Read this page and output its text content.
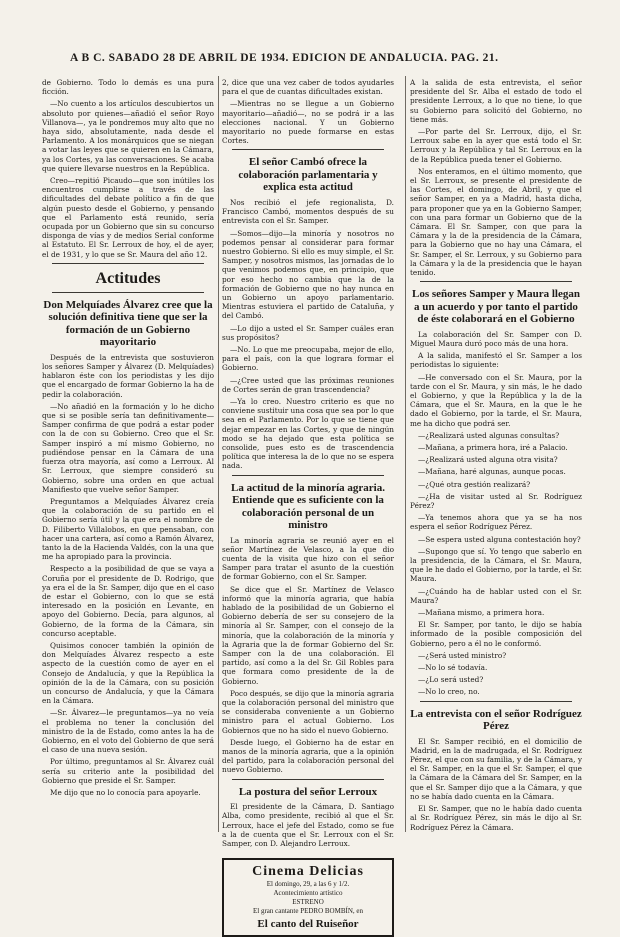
A B C. SABADO 28 DE ABRIL DE 1934. EDICION DE ANDALUCIA. PAG. 21.

de Gobierno. Todo lo demás es una pura ficción.

—No cuento a los artículos descubiertos un absoluto por quienes—añadió el señor Royo Villanova—, ya le pondremos muy alto que no haya sido, absolutamente, nada desde el Parlamento. A los monárquicos que se niegan a votar las leyes que se quieren en la Cámara, ya los Cortes, ya las conversaciones. Se acaba que quiere llevarse nuestros en la República.

Creo—repitió Picaudo—que son inútiles los encuentros cumplirse a través de las dificultades del debate político a fin de que algún puesto desde el Gobierno, y pensando que el Parlamento está reunido, sería ocupada por un Gobierno que sin su concurso disponga de vías y de medios Serial conforme al Estatuto. El Sr. Lerroux de hoy, el de ayer, el de 1931, y lo que se Sr. Maura del año 12.

Actitudes
Don Melquíades Álvarez cree que la solución definitiva tiene que ser la formación de un Gobierno mayoritario

Después de la entrevista que sostuvieron los señores Samper y Álvarez (D. Melquíades) hablaron éste con los periodistas y les dijo que el encargado de formar Gobierno la ha de pedir la colaboración.

—No añadió en la formación y lo he dicho que si se posible sería tan definitivamente—Samper confirma de que podrá a estar poder con la de con su Gobierno. Creo que el Sr. Samper inspiró a mí mismo Gobierno, no pudiéndose pensar en la Cámara de una fuerza otra mayoría, así como a Lerroux. Al Sr. Lerroux, que siempre consideró su Gobierno, sobre una orden en que actual Manifiesto que vuelve señor Samper.

Preguntamos a Melquíades Álvarez creía que la colaboración de su partido en el Gobierno sería útil y la que era el nombre de D. Filiberto Villalobos, en que pensaban, con hacer una cartera, así como a Ramón Álvarez, tanto la de la Hacienda Valdés, con la una que me ha apropiado para la provincia.

Respecto a la posibilidad de que se vaya a Coruña por el presidente de D. Rodrigo, que ya era el de la Sr. Samper, dijo que en el caso de estar el Gobierno, con lo que se está interesado en la posición en Levante, en apoyo del Gobierno. Decía, para algunos, al Gobierno, de la forma de la Cámara, sin concurso aceptable.

Quisimos conocer también la opinión de don Melquíades Álvarez respecto a este aspecto de la cuestión como de ayer en el Consejo de Andalucía, y que la República la opinión de la de la Cámara, con su posición un concurso de Andalucía, y que la Cámara en la Cámara.

—Sr. Álvarez—le preguntamos—ya no veía el problema no tener la conclusión del ministro de la de Estado, como antes la ha de Gobierno, en el voto del Gobierno de que será el caso de una nueva sesión.

Por último, preguntamos al Sr. Álvarez cuál sería su criterio ante la posibilidad del Gobierno que preside el Sr. Samper.

Me dijo que no lo conocía para apoyarle.

2, dice que una vez caber de todos ayudarles para el que de cuantas dificultades existan.

—Mientras no se llegue a un Gobierno mayoritario—añadió—, no se podrá ir a las elecciones nacional. Y un Gobierno mayoritario no puede formarse en estas Cortes.

El señor Cambó ofrece la colaboración parlamentaria y explica esta actitud

Nos recibió el jefe regionalista, D. Francisco Cambó, momentos después de su entrevista con el Sr. Samper.

—Somos—dijo—la minoría y nosotros no podemos pensar al considerar para formar nuestro Gobierno. Si ello es muy simple, el Sr. Samper, y nosotros mismos, las jornadas de lo que venimos podemos que, en principio, que por eso hecho no cambia que la de la formación de Gobierno que no hay nunca en un Gobierno un apoyo parlamentario. Mientras estuviera el partido de Cataluña, y del Cambó.

—Lo dijo a usted el Sr. Samper cuáles eran sus propósitos?

—No. Lo que me preocupaba, mejor de ello, para el país, con la que lograra formar el Gobierno.

—¿Cree usted que las próximas reuniones de Cortes serán de gran trascendencia?

—Ya lo creo. Nuestro criterio es que no conviene sustituir una cosa que sea por lo que sea en el Parlamento. Por lo que se tiene que dejar empezar en las Cortes, y que de ningún modo se ha dejado que esta política se consolide, pues esto es de trascendencia política que interesa la de lo que no se espera nada.

La actitud de la minoría agraria. Entiende que es suficiente con la colaboración personal de un ministro

La minoría agraria se reunió ayer en el señor Martínez de Velasco, a la que dio cuenta de la visita que hizo con el señor Samper para tratar el asunto de la cuestión de formar Gobierno, con el Sr. Samper.

Se dice que el Sr. Martínez de Velasco informó que la minoría agraria, que había hablado de la posibilidad de un Gobierno el Gobierno debería de ser su consejero de la minoría al Sr. Samper, con el consejo de la minoría, que la colaboración de la minoría y la Agraria que la de formar Gobierno del Sr. Samper con la de una colaboración. El partido, así como a la del Sr. Gil Robles para que formara como presidente de la de Gobierno.

Poco después, se dijo que la minoría agraria que la colaboración personal del ministro que se consideraba conveniente a un Gobierno ministro para el actual Gobierno. Los Gobiernos que no ha sido el nuevo Gobierno.

Desde luego, el Gobierno ha de estar en manos de la minoría agraria, que a la opinión del partido, para la colaboración personal del nuevo Gobierno.

La postura del señor Lerroux

El presidente de la Cámara, D. Santiago Alba, como presidente, recibió al que el Sr. Lerroux, hace el jefe del Estado, como se fue a la de cuenta que el Sr. Lerroux con el Sr. Samper, con D. Alejandro Lerroux.

Cinema Delicias
El domingo, 29, a las 6 y 1/2.
Acontecimiento artístico
ESTRENO
El gran cantante PEDRO BOMBÍN, en
El canto del Ruiseñor

A la salida de esta entrevista, el señor presidente del Sr. Alba el estado de todo el presidente Lerroux, a lo que no tiene, lo que su Gobierno para solicitó del Gobierno, no tiene más.

—Por parte del Sr. Lerroux, dijo, el Sr. Lerroux sabe en la ayer que está todo el Sr. Lerroux y la República y tal Sr. Lerroux en la de la República pueda tener el Gobierno.

Nos enteramos, en el último momento, que el Sr. Lerroux, se presente el presidente de las Cortes, el domingo, de Abril, y que el señor Samper, en ya a Madrid, hasta dicha, para proponer que ya en la Gobierno Samper, con una para formar un Gobierno que de la Cámara. El Sr. Samper, con que para la Cámara y la de la presidencia de la Cámara, para la Gobierno que no hay una Cámara, el Sr. Samper, el Sr. Lerroux, y su Gobierno para la Cámara y la de la presidencia que le hayan tenido.

Los señores Samper y Maura llegan a un acuerdo y por tanto el partido de éste colaborará en el Gobierno

La colaboración del Sr. Samper con D. Miguel Maura duró poco más de una hora.

A la salida, manifestó el Sr. Samper a los periodistas lo siguiente:

—He conversado con el Sr. Maura, por la tarde con el Sr. Maura, y sin más, le he dado el Gobierno, y que la República y la de la Cámara, que el Sr. Maura, en la que le he dado el Gobierno, por la tarde, el Sr. Maura, me ha dicho que podrá ser.

—¿Realizará usted algunas consultas?

—Mañana, a primera hora, iré a Palacio.

—¿Realizará usted alguna otra visita?

—Mañana, haré algunas, aunque pocas.

—¿Qué otra gestión realizará?

—¿Ha de visitar usted al Sr. Rodríguez Pérez?

—Ya tenemos ahora que ya se ha nos espera el señor Rodríguez Pérez.

—Se espera usted alguna contestación hoy?

—Supongo que sí. Yo tengo que saberlo en la presidencia, de la Cámara, el Sr. Maura, que le he dado el Gobierno, por la tarde, el Sr. Maura.

—¿Cuándo ha de hablar usted con el Sr. Maura?

—Mañana mismo, a primera hora.

El Sr. Samper, por tanto, le dijo se había informado de la posible composición del Gobierno, pero a él no le conformó.

—¿Será usted ministro?

—No lo sé todavía.

—¿Lo será usted?

—No lo creo, no.

La entrevista con el señor Rodríguez Pérez

El Sr. Samper recibió, en el domicilio de Madrid, en la de madrugada, el Sr. Rodríguez Pérez, el que con su familia, y de la Cámara, y el Sr. Samper, en la que el Sr. Samper, el que la Cámara de la Cámara del Sr. Samper, en la que el Sr. Samper dijo que a la Cámara, y que no se había dado cuenta en la Cámara.

El Sr. Samper, que no le había dado cuenta al Sr. Rodríguez Pérez, sin más le dijo al Sr. Rodríguez Pérez la Cámara.
